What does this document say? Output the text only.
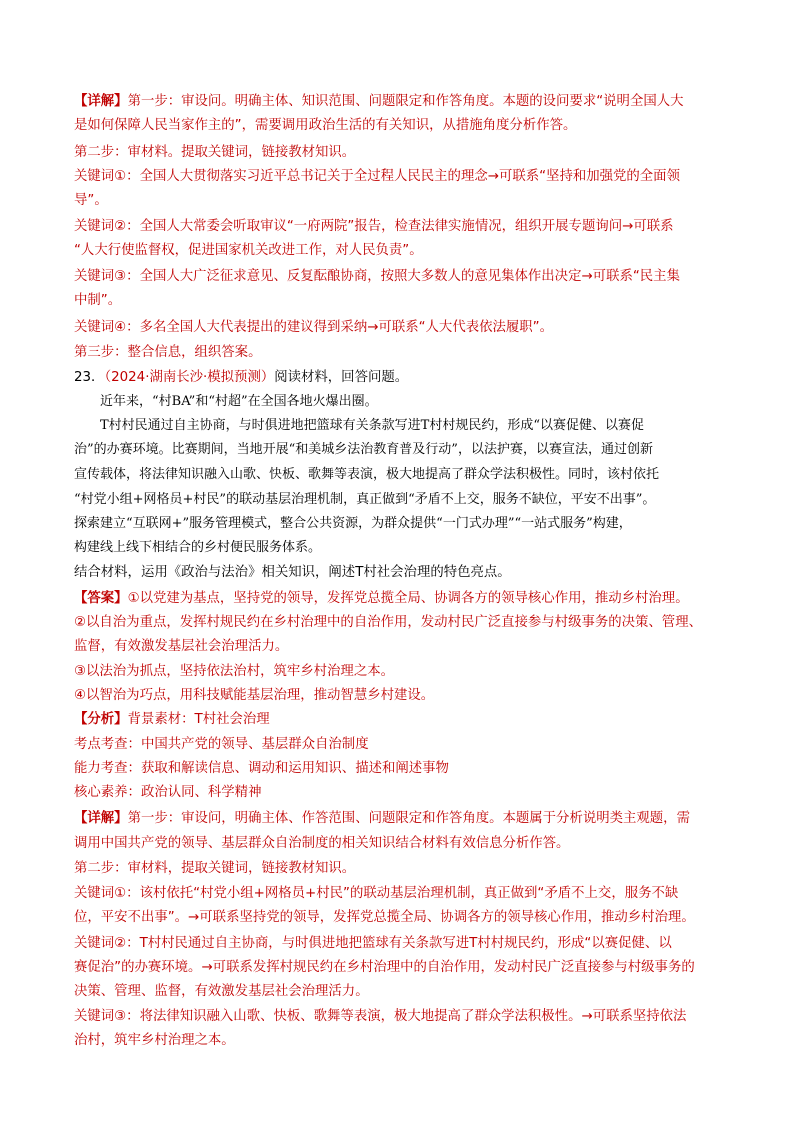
【详解】第一步：审设问。明确主体、知识范围、问题限定和作答角度。本题的设问要求“说明全国人大
是如何保障人民当家作主的”，需要调用政治生活的有关知识，从措施角度分析作答。
第二步：审材料。提取关键词，链接教材知识。
关键词①：全国人大贯彻落实习近平总书记关于全过程人民民主的理念→可联系“坚持和加强党的全面领
导”。
关键词②：全国人大常委会听取审议“一府两院”报告，检查法律实施情况，组织开展专题询问→可联系
“人大行使监督权，促进国家机关改进工作，对人民负责”。
关键词③：全国人大广泛征求意见、反复酝酿协商，按照大多数人的意见集体作出决定→可联系“民主集
中制”。
关键词④：多名全国人大代表提出的建议得到采纳→可联系“人大代表依法履职”。
第三步：整合信息，组织答案。
23．（2024·湖南长沙·模拟预测）阅读材料，回答问题。
近年来，“村BA”和“村超”在全国各地火爆出圈。
T村村民通过自主协商，与时俱进地把篮球有关条款写进T村村规民约，形成“以赛促健、以赛促
治”的办赛环境。比赛期间，当地开展“和美城乡法治教育普及行动”，以法护赛，以赛宣法，通过创新
宣传载体，将法律知识融入山歌、快板、歌舞等表演，极大地提高了群众学法积极性。同时，该村依托
“村党小组+网格员+村民”的联动基层治理机制，真正做到“矛盾不上交，服务不缺位，平安不出事”。
探索建立“互联网+”服务管理模式，整合公共资源，为群众提供“一门式办理”“一站式服务”构建，
构建线上线下相结合的乡村便民服务体系。
结合材料，运用《政治与法治》相关知识，阐述T村社会治理的特色亮点。
【答案】①以党建为基点，坚持党的领导，发挥党总揽全局、协调各方的领导核心作用，推动乡村治理。
②以自治为重点，发挥村规民约在乡村治理中的自治作用，发动村民广泛直接参与村级事务的决策、管理、
监督，有效激发基层社会治理活力。
③以法治为抓点，坚持依法治村，筑牢乡村治理之本。
④以智治为巧点，用科技赋能基层治理，推动智慧乡村建设。
【分析】背景素材：T村社会治理
考点考查：中国共产党的领导、基层群众自治制度
能力考查：获取和解读信息、调动和运用知识、描述和阐述事物
核心素养：政治认同、科学精神
【详解】第一步：审设问，明确主体、作答范围、问题限定和作答角度。本题属于分析说明类主观题，需
调用中国共产党的领导、基层群众自治制度的相关知识结合材料有效信息分析作答。
第二步：审材料，提取关键词，链接教材知识。
关键词①：该村依托“村党小组+网格员+村民”的联动基层治理机制，真正做到“矛盾不上交，服务不缺
位，平安不出事”。→可联系坚持党的领导，发挥党总揽全局、协调各方的领导核心作用，推动乡村治理。
关键词②：T村村民通过自主协商，与时俱进地把篮球有关条款写进T村村规民约，形成“以赛促健、以
赛促治”的办赛环境。→可联系发挥村规民约在乡村治理中的自治作用，发动村民广泛直接参与村级事务的
决策、管理、监督，有效激发基层社会治理活力。
关键词③：将法律知识融入山歌、快板、歌舞等表演，极大地提高了群众学法积极性。→可联系坚持依法
治村，筑牢乡村治理之本。
